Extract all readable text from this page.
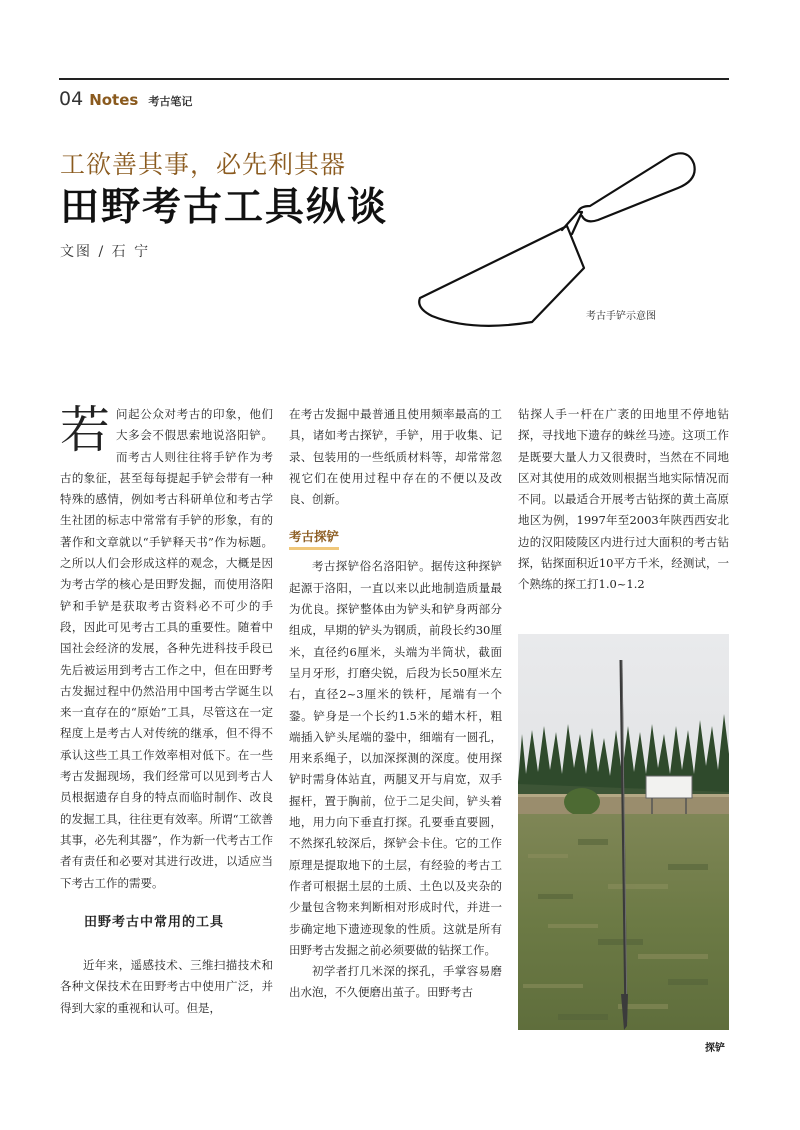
04 Notes 考古笔记
工欲善其事，必先利其器
田野考古工具纵谈
文图 / 石 宁
考古手铲示意图

若问起公众对考古的印象，他们大多会不假思索地说洛阳铲。而考古人则往往将手铲作为考古的象征，甚至每每提起手铲会带有一种特殊的感情，例如考古科研单位和考古学生社团的标志中常常有手铲的形象，有的著作和文章就以“手铲释天书”作为标题。之所以人们会形成这样的观念，大概是因为考古学的核心是田野发掘，而使用洛阳铲和手铲是获取考古资料必不可少的手段，因此可见考古工具的重要性。随着中国社会经济的发展，各种先进科技手段已先后被运用到考古工作之中，但在田野考古发掘过程中仍然沿用中国考古学诞生以来一直存在的“原始”工具，尽管这在一定程度上是考古人对传统的继承，但不得不承认这些工具工作效率相对低下。在一些考古发掘现场，我们经常可以见到考古人员根据遗存自身的特点而临时制作、改良的发掘工具，往往更有效率。所谓“工欲善其事，必先利其器”，作为新一代考古工作者有责任和必要对其进行改进，以适应当下考古工作的需要。

田野考古中常用的工具

近年来，遥感技术、三维扫描技术和各种文保技术在田野考古中使用广泛，并得到大家的重视和认可。但是，

在考古发掘中最普通且使用频率最高的工具，诸如考古探铲，手铲，用于收集、记录、包装用的一些纸质材料等，却常常忽视它们在使用过程中存在的不便以及改良、创新。

考古探铲

考古探铲俗名洛阳铲。据传这种探铲起源于洛阳，一直以来以此地制造质量最为优良。探铲整体由为铲头和铲身两部分组成，早期的铲头为钢质，前段长约30厘米，直径约6厘米，头端为半筒状，截面呈月牙形，打磨尖锐，后段为长50厘米左右，直径2~3厘米的铁杆，尾端有一个銎。铲身是一个长约1.5米的蜡木杆，粗端插入铲头尾端的銎中，细端有一圆孔，用来系绳子，以加深探测的深度。使用探铲时需身体站直，两腿叉开与肩宽，双手握杆，置于胸前，位于二足尖间，铲头着地，用力向下垂直打探。孔要垂直要圆，不然探孔较深后，探铲会卡住。它的工作原理是提取地下的土层，有经验的考古工作者可根据土层的土质、土色以及夹杂的少量包含物来判断相对形成时代，并进一步确定地下遗迹现象的性质。这就是所有田野考古发掘之前必须要做的钻探工作。

初学者打几米深的探孔，手掌容易磨出水泡，不久便磨出茧子。田野考古

钻探人手一杆在广袤的田地里不停地钻探，寻找地下遗存的蛛丝马迹。这项工作是既要大量人力又很费时，当然在不同地区对其使用的成效则根据当地实际情况而不同。以最适合开展考古钻探的黄土高原地区为例，1997年至2003年陕西西安北边的汉阳陵陵区内进行过大面积的考古钻探，钻探面积近10平方千米，经测试，一个熟练的探工打1.0~1.2

探铲
